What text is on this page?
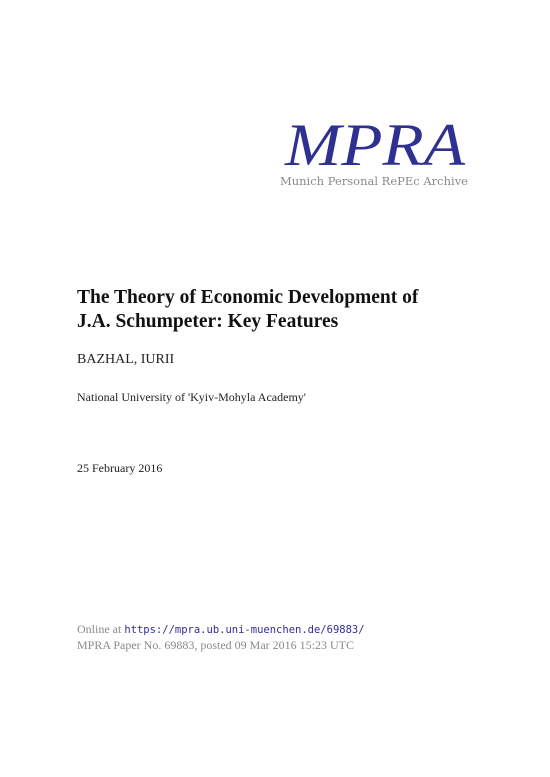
MPRA
Munich Personal RePEc Archive
The Theory of Economic Development of
J.A. Schumpeter: Key Features
BAZHAL, IURII
National University of 'Kyiv-Mohyla Academy'
25 February 2016
Online at https://mpra.ub.uni-muenchen.de/69883/
MPRA Paper No. 69883, posted 09 Mar 2016 15:23 UTC
